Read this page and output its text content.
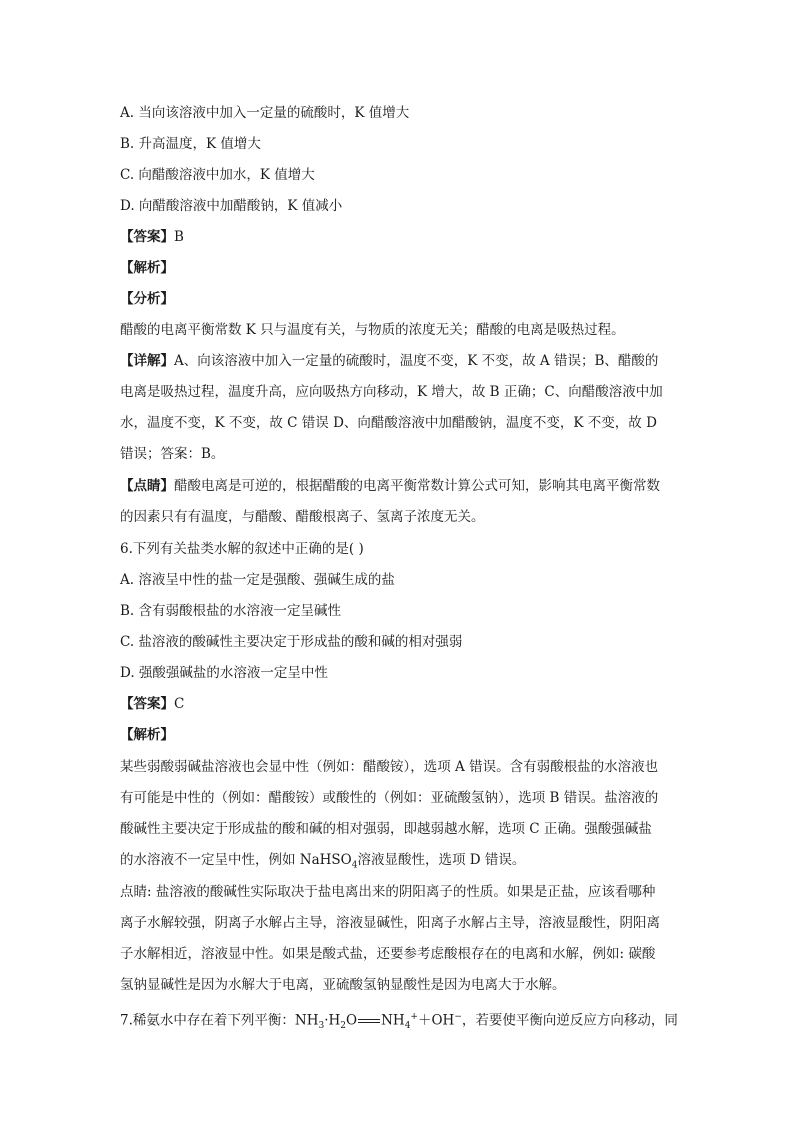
A. 当向该溶液中加入一定量的硫酸时，K 值增大
B. 升高温度，K 值增大
C. 向醋酸溶液中加水，K 值增大
D. 向醋酸溶液中加醋酸钠，K 值减小
【答案】B
【解析】
【分析】
醋酸的电离平衡常数 K 只与温度有关，与物质的浓度无关；醋酸的电离是吸热过程。
【详解】A、向该溶液中加入一定量的硫酸时，温度不变，K 不变，故 A 错误；B、醋酸的
电离是吸热过程，温度升高，应向吸热方向移动，K 增大，故 B 正确；C、向醋酸溶液中加
水，温度不变，K 不变，故 C 错误 D、向醋酸溶液中加醋酸钠，温度不变，K 不变，故 D
错误；答案：B。
【点睛】醋酸电离是可逆的，根据醋酸的电离平衡常数计算公式可知，影响其电离平衡常数
的因素只有有温度，与醋酸、醋酸根离子、氢离子浓度无关。
6.下列有关盐类水解的叙述中正确的是( )
A. 溶液呈中性的盐一定是强酸、强碱生成的盐
B. 含有弱酸根盐的水溶液一定呈碱性
C. 盐溶液的酸碱性主要决定于形成盐的酸和碱的相对强弱
D. 强酸强碱盐的水溶液一定呈中性
【答案】C
【解析】
某些弱酸弱碱盐溶液也会显中性（例如：醋酸铵），选项 A 错误。含有弱酸根盐的水溶液也
有可能是中性的（例如：醋酸铵）或酸性的（例如：亚硫酸氢钠），选项 B 错误。盐溶液的
酸碱性主要决定于形成盐的酸和碱的相对强弱，即越弱越水解，选项 C 正确。强酸强碱盐
的水溶液不一定呈中性，例如 NaHSO$_4$溶液显酸性，选项 D 错误。
点睛: 盐溶液的酸碱性实际取决于盐电离出来的阴阳离子的性质。如果是正盐，应该看哪种
离子水解较强，阴离子水解占主导，溶液显碱性，阳离子水解占主导，溶液显酸性，阴阳离
子水解相近，溶液显中性。如果是酸式盐，还要参考虑酸根存在的电离和水解，例如: 碳酸
氢钠显碱性是因为水解大于电离，亚硫酸氢钠显酸性是因为电离大于水解。
7.稀氨水中存在着下列平衡：$NH_3\cdot H_2O$ $NH_4^++OH^-$，若要使平衡向逆反应方向移动，同
